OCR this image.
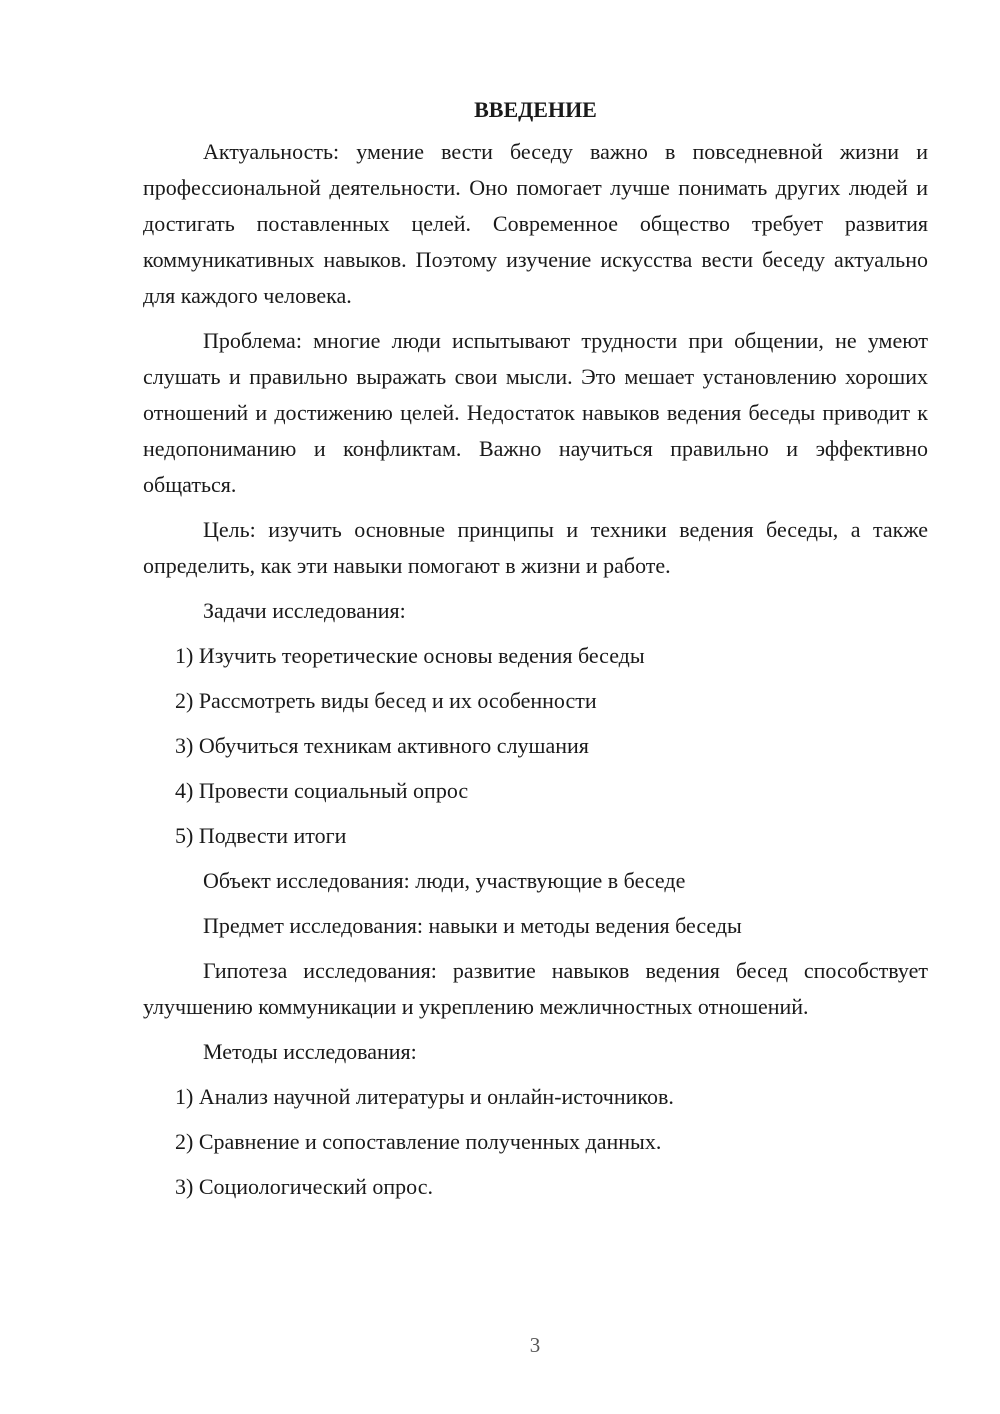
ВВЕДЕНИЕ

Актуальность: умение вести беседу важно в повседневной жизни и профессиональной деятельности. Оно помогает лучше понимать других людей и достигать поставленных целей. Современное общество требует развития коммуникативных навыков. Поэтому изучение искусства вести беседу актуально для каждого человека.

Проблема: многие люди испытывают трудности при общении, не умеют слушать и правильно выражать свои мысли. Это мешает установлению хороших отношений и достижению целей. Недостаток навыков ведения беседы приводит к недопониманию и конфликтам. Важно научиться правильно и эффективно общаться.

Цель: изучить основные принципы и техники ведения беседы, а также определить, как эти навыки помогают в жизни и работе.

Задачи исследования:

1) Изучить теоретические основы ведения беседы

2) Рассмотреть виды бесед и их особенности

3) Обучиться техникам активного слушания

4) Провести социальный опрос

5) Подвести итоги

Объект исследования: люди, участвующие в беседе

Предмет исследования: навыки и методы ведения беседы

Гипотеза исследования: развитие навыков ведения бесед способствует улучшению коммуникации и укреплению межличностных отношений.

Методы исследования:

1) Анализ научной литературы и онлайн-источников.

2) Сравнение и сопоставление полученных данных.

3) Социологический опрос.

3
